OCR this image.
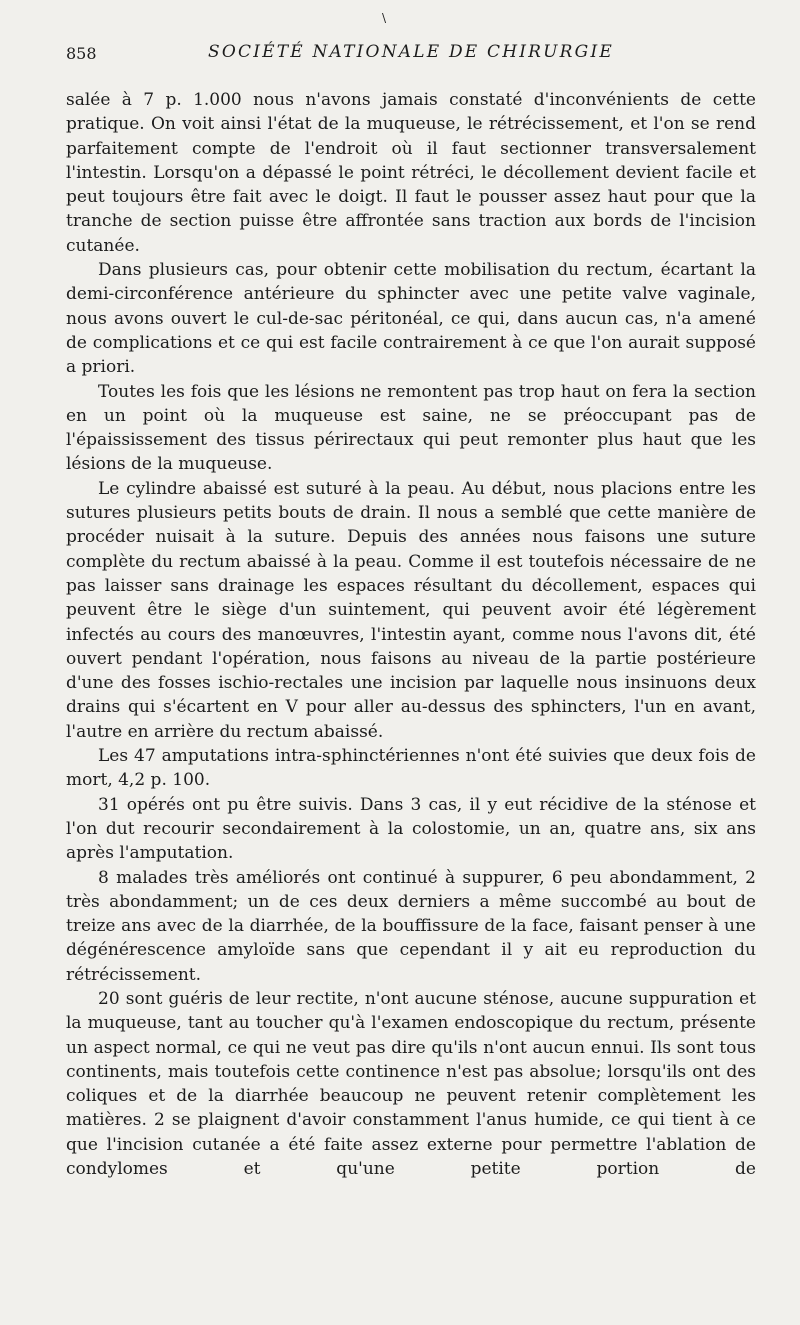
\
858	SOCIÉTÉ NATIONALE DE CHIRURGIE

salée à 7 p. 1.000 nous n'avons jamais constaté d'inconvénients de cette pratique. On voit ainsi l'état de la muqueuse, le rétrécissement, et l'on se rend parfaitement compte de l'endroit où il faut sectionner transversalement l'intestin. Lorsqu'on a dépassé le point rétréci, le décollement devient facile et peut toujours être fait avec le doigt. Il faut le pousser assez haut pour que la tranche de section puisse être affrontée sans traction aux bords de l'incision cutanée.

Dans plusieurs cas, pour obtenir cette mobilisation du rectum, écartant la demi-circonférence antérieure du sphincter avec une petite valve vaginale, nous avons ouvert le cul-de-sac péritonéal, ce qui, dans aucun cas, n'a amené de complications et ce qui est facile contrairement à ce que l'on aurait supposé a priori.

Toutes les fois que les lésions ne remontent pas trop haut on fera la section en un point où la muqueuse est saine, ne se préoccupant pas de l'épaississement des tissus périrectaux qui peut remonter plus haut que les lésions de la muqueuse.

Le cylindre abaissé est suturé à la peau. Au début, nous placions entre les sutures plusieurs petits bouts de drain. Il nous a semblé que cette manière de procéder nuisait à la suture. Depuis des années nous faisons une suture complète du rectum abaissé à la peau. Comme il est toutefois nécessaire de ne pas laisser sans drainage les espaces résultant du décollement, espaces qui peuvent être le siège d'un suintement, qui peuvent avoir été légèrement infectés au cours des manœuvres, l'intestin ayant, comme nous l'avons dit, été ouvert pendant l'opération, nous faisons au niveau de la partie postérieure d'une des fosses ischio-rectales une incision par laquelle nous insinuons deux drains qui s'écartent en V pour aller au-dessus des sphincters, l'un en avant, l'autre en arrière du rectum abaissé.

Les 47 amputations intra-sphinctériennes n'ont été suivies que deux fois de mort, 4,2 p. 100.

31 opérés ont pu être suivis. Dans 3 cas, il y eut récidive de la sténose et l'on dut recourir secondairement à la colostomie, un an, quatre ans, six ans après l'amputation.

8 malades très améliorés ont continué à suppurer, 6 peu abondamment, 2 très abondamment; un de ces deux derniers a même succombé au bout de treize ans avec de la diarrhée, de la bouffissure de la face, faisant penser à une dégénérescence amyloïde sans que cependant il y ait eu reproduction du rétrécissement.

20 sont guéris de leur rectite, n'ont aucune sténose, aucune suppuration et la muqueuse, tant au toucher qu'à l'examen endoscopique du rectum, présente un aspect normal, ce qui ne veut pas dire qu'ils n'ont aucun ennui. Ils sont tous continents, mais toutefois cette continence n'est pas absolue; lorsqu'ils ont des coliques et de la diarrhée beaucoup ne peuvent retenir complètement les matières. 2 se plaignent d'avoir constamment l'anus humide, ce qui tient à ce que l'incision cutanée a été faite assez externe pour permettre l'ablation de condylomes et qu'une petite portion de
